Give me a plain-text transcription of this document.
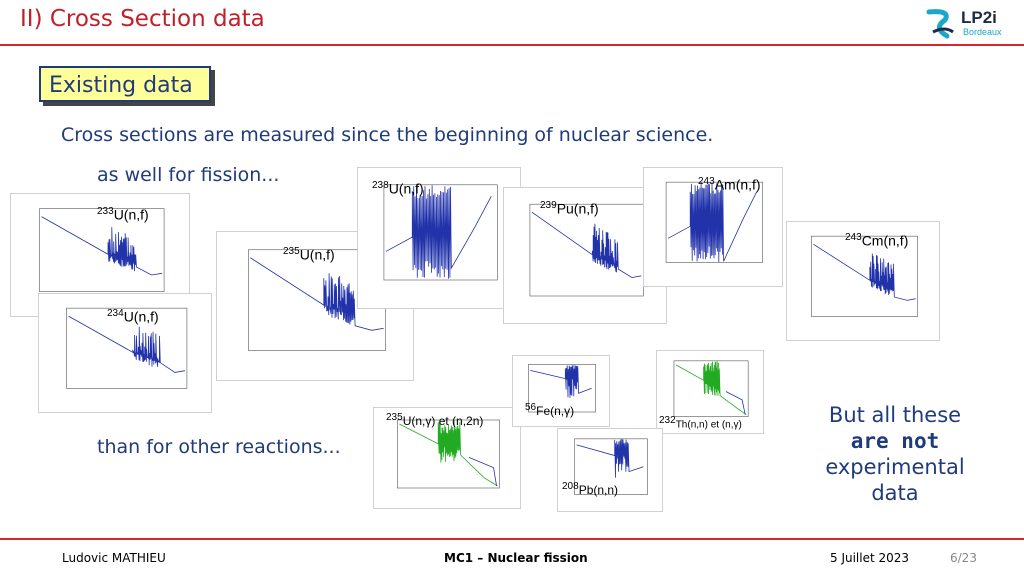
II) Cross Section data	LP2i
Bordeaux
Existing data
Cross sections are measured since the beginning of nuclear science.
as well for fission...
than for other reactions...
$^{233}$U(n,f)
$^{234}$U(n,f)
$^{235}$U(n,f)
$^{238}$U(n,f)
$^{239}$Pu(n,f)
$^{243}$Am(n,f)
$^{243}$Cm(n,f)
$^{235}$U(n,γ) et (n,2n)
$^{56}$Fe(n,γ)
$^{232}$Th(n,n) et (n,γ)
$^{208}$Pb(n,n)
But all these
are not
experimental
data
Ludovic MATHIEU	MC1 – Nuclear fission	5 Juillet 2023	6/23
